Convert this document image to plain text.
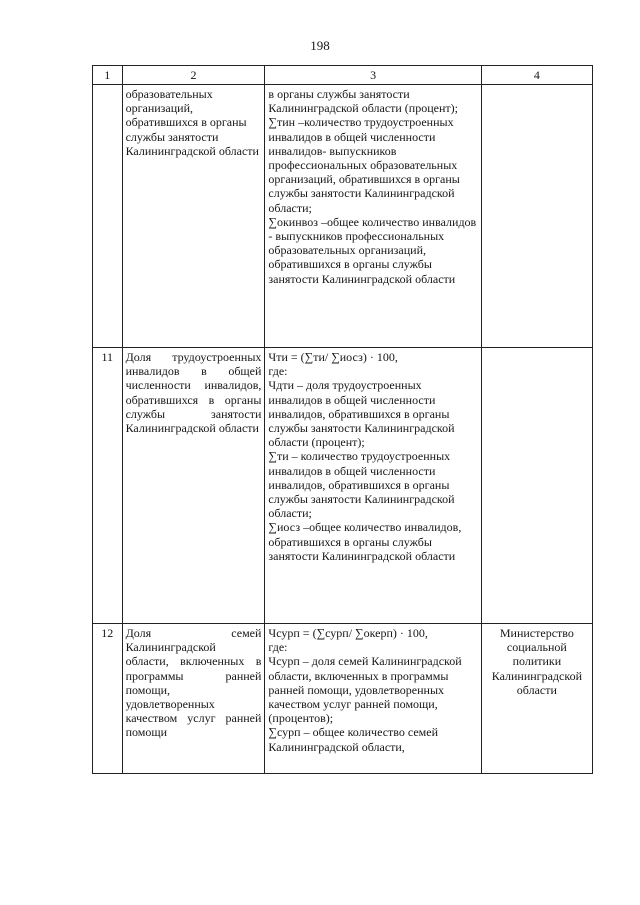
198
1	2	3	4
	образовательных организаций, обратившихся в органы службы занятости Калининградской области	в органы службы занятости Калининградской области (процент);
∑тин –количество трудоустроенных инвалидов в общей численности инвалидов- выпускников профессиональных образовательных организаций, обратившихся в органы службы занятости Калининградской области;
∑окинвоз –общее количество инвалидов - выпускников профессиональных образовательных организаций, обратившихся в органы службы занятости Калининградской области	

11	Доля трудоустроенных инвалидов в общей численности инвалидов, обратившихся в органы службы занятости Калининградской области	Чти = (∑ти/ ∑иосз) · 100,
где:
Чдти – доля трудоустроенных инвалидов в общей численности инвалидов, обратившихся в органы службы занятости Калининградской области (процент);
∑ти – количество трудоустроенных инвалидов в общей численности инвалидов, обратившихся в органы службы занятости Калининградской области;
∑иосз –общее количество инвалидов, обратившихся в органы службы занятости Калининградской области	

12	Доля семей Калининградской области, включенных в программы ранней помощи, удовлетворенных качеством услуг ранней помощи	Чсурп = (∑сурп/ ∑окерп) · 100,
где:
Чсурп – доля семей Калининградской области, включенных в программы ранней помощи, удовлетворенных качеством услуг ранней помощи, (процентов);
∑сурп – общее количество семей Калининградской области,	Министерство социальной политики Калининградской области
